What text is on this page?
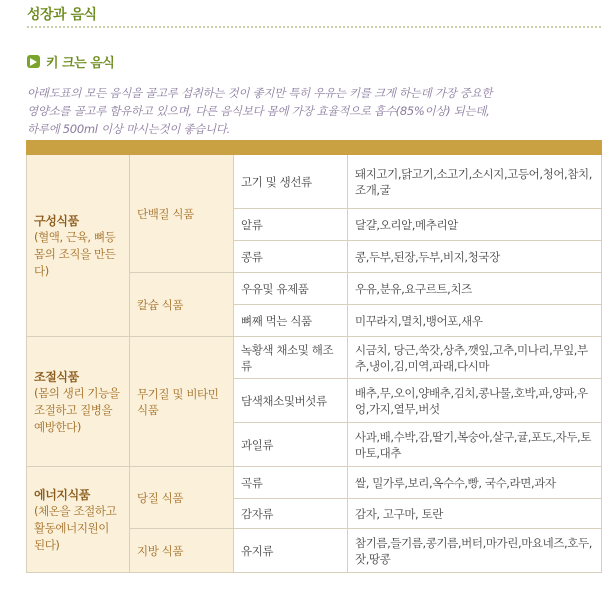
성장과 음식
키 크는 음식
아래도표의 모든 음식을 골고루 섭취하는 것이 좋지만 특히 우유는 키를 크게 하는데 가장 중요한
영양소를 골고루 함유하고 있으며, 다른 음식보다 몸에 가장 효율적으로 흡수(85%이상) 되는데,
하루에 500ml 이상 마시는것이 좋습니다.

구성식품
(혈액, 근육, 뼈등 몸의 조직을 만든다)	단백질 식품	고기 및 생선류	돼지고기,닭고기,소고기,소시지,고등어,청어,참치,조개,굴
		알류	달걀,오리알,메추리알
		콩류	콩,두부,된장,두부,비지,청국장
	칼슘 식품	우유및 유제품	우유,분유,요구르트,치즈
		뼈째 먹는 식품	미꾸라지,멸치,뱅어포,새우

조절식품
(몸의 생리 기능을 조절하고 질병을 예방한다)	무기질 및 비타민 식품	녹황색 채소및 해조류	시금치, 당근,쑥갓,상추,깻잎,고추,미나리,무잎,부추,냉이,김,미역,파래,다시마
		담색채소및버섯류	배추,무,오이,양배추,김치,콩나물,호박,파,양파,우엉,가지,열무,버섯
		과일류	사과,배,수박,감,딸기,복숭아,살구,귤,포도,자두,토마토,대추

에너지식품
(체온을 조절하고 활동에너지원이 된다)	당질 식품	곡류	쌀, 밀가루,보리,옥수수,빵, 국수,라면,과자
		감자류	감자, 고구마, 토란
	지방 식품	유지류	참기름,들기름,콩기름,버터,마가린,마요네즈,호두,잣,땅콩
